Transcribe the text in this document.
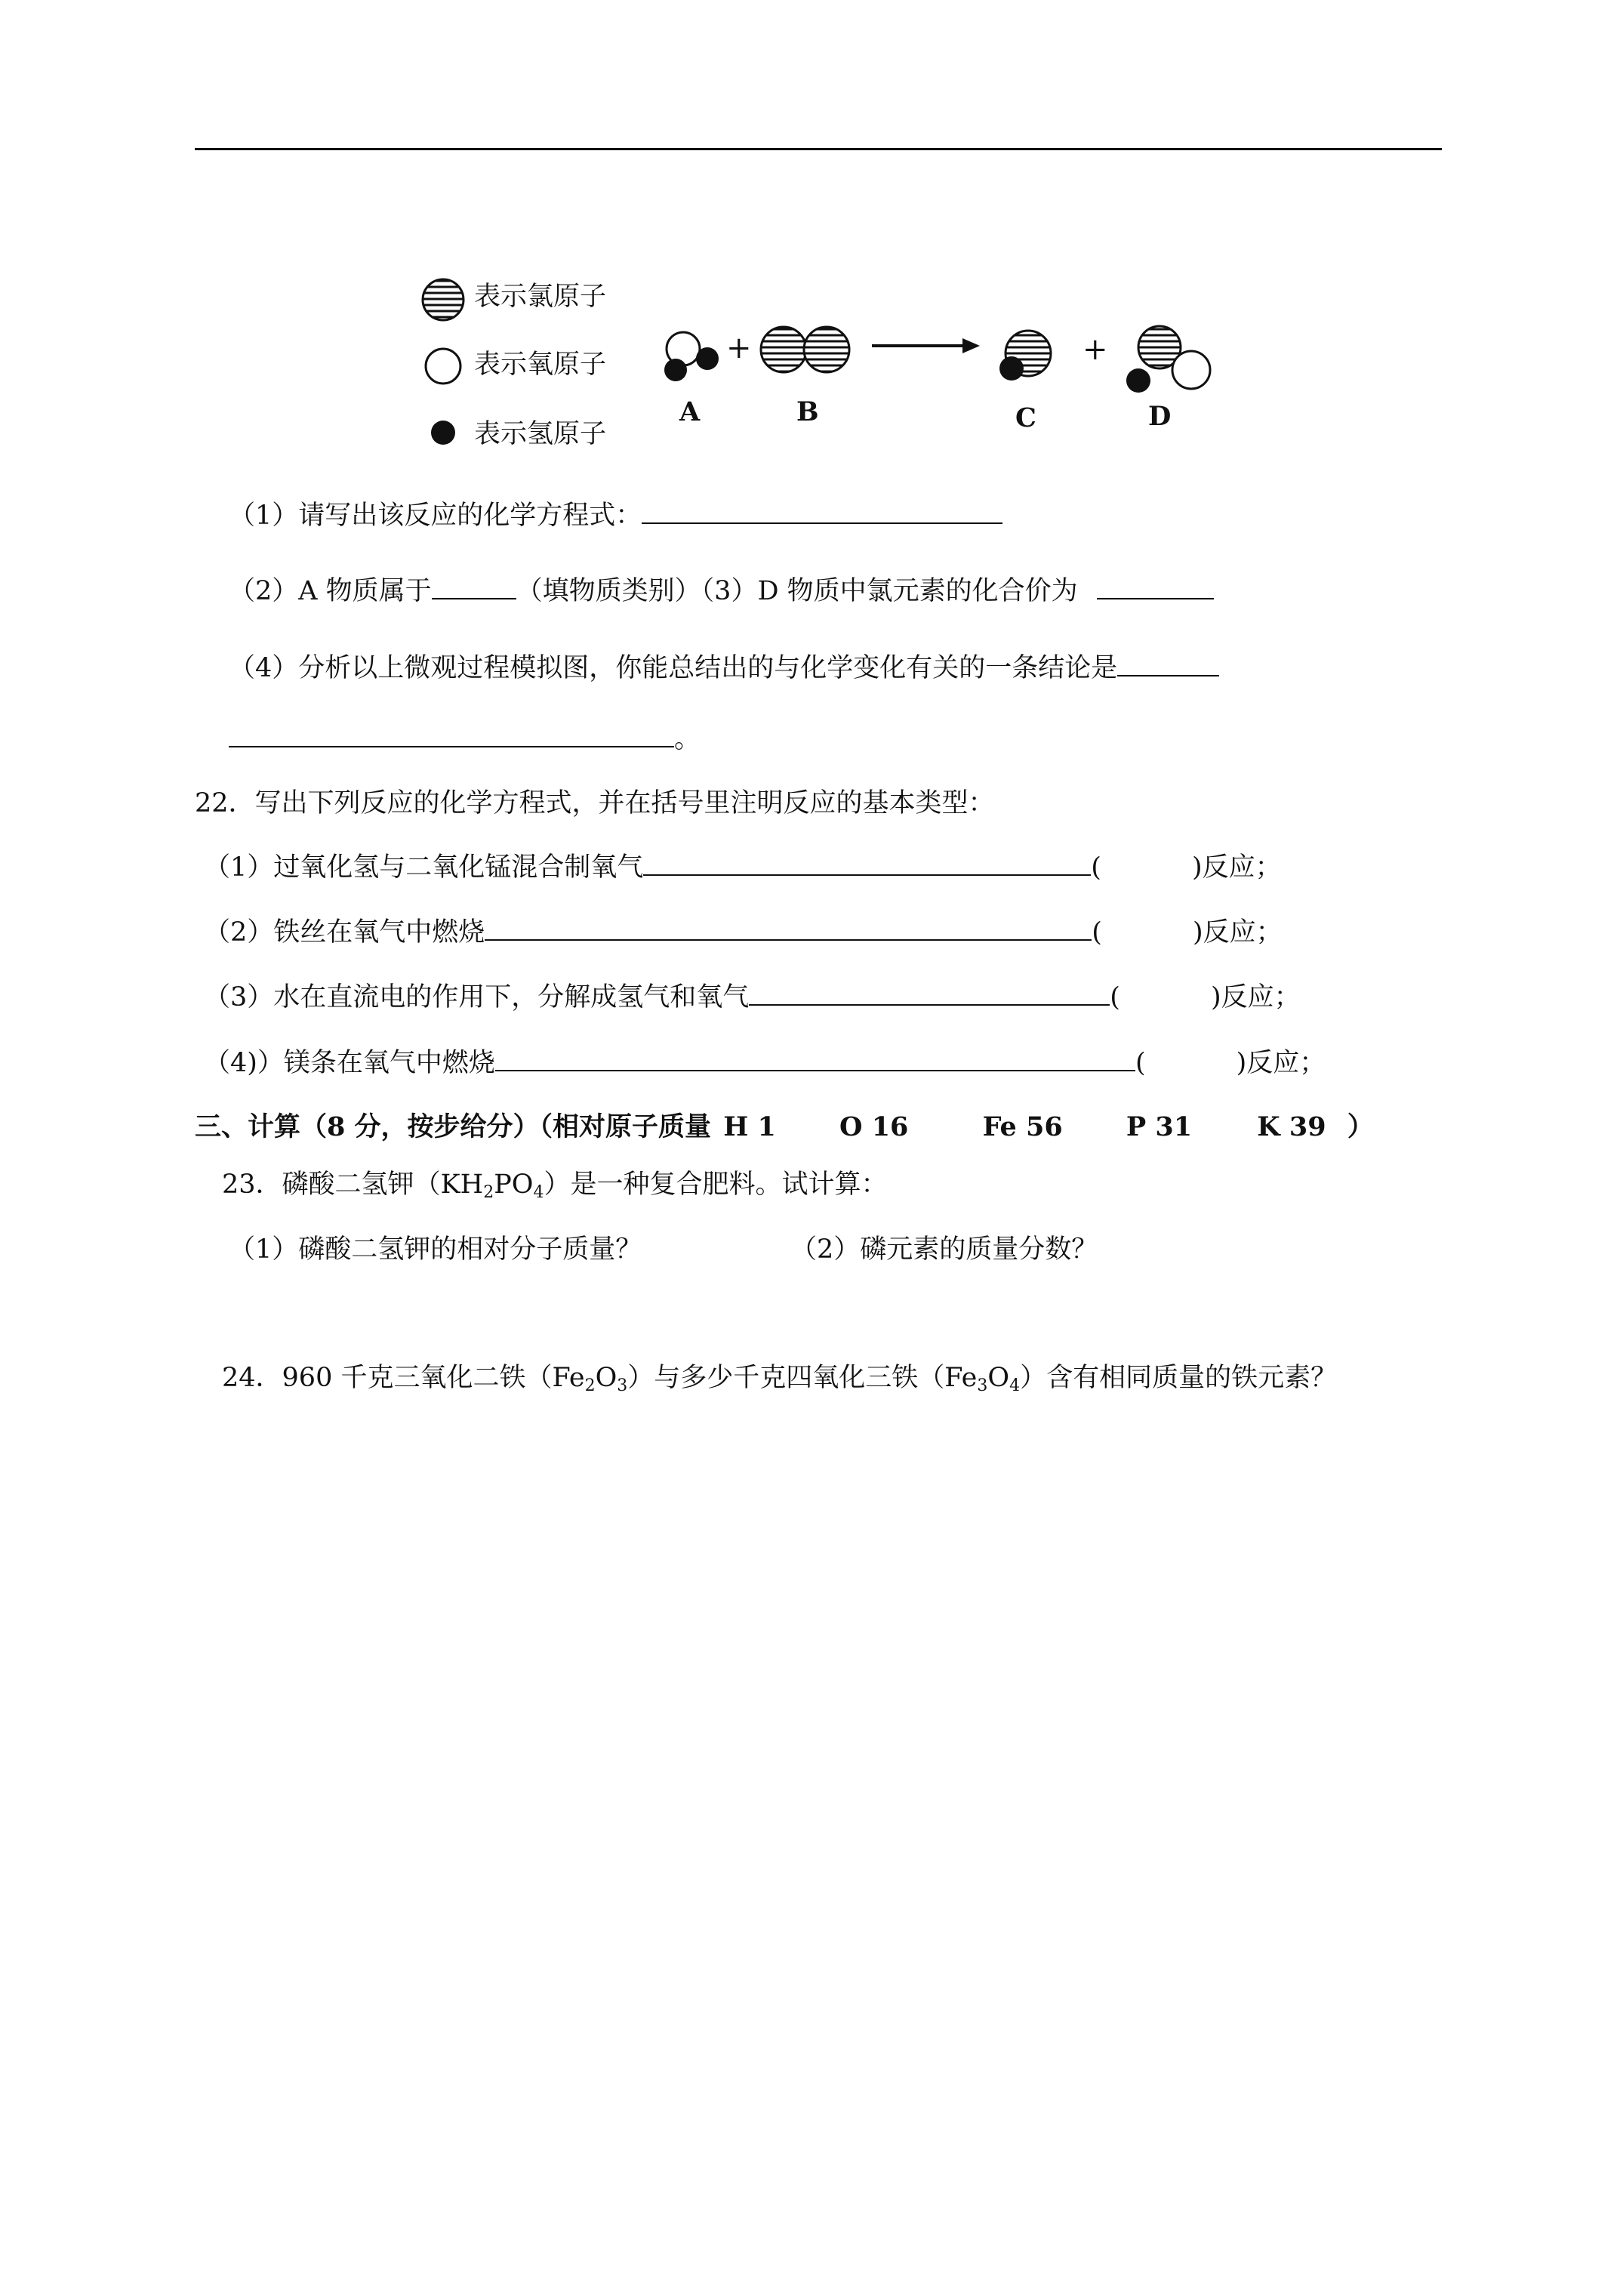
表示氯原子
表示氧原子
表示氢原子
+	+
A	B	C	D
（1）请写出该反应的化学方程式：
（2）A 物质属于	（填物质类别）（3）D 物质中氯元素的化合价为
（4）分析以上微观过程模拟图，你能总结出的与化学变化有关的一条结论是
。
22．写出下列反应的化学方程式，并在括号里注明反应的基本类型：
（1）过氧化氢与二氧化锰混合制氧气	(	)反应；
（2）铁丝在氧气中燃烧	(	)反应；
（3）水在直流电的作用下，分解成氢气和氧气	(	)反应；
（4)）镁条在氧气中燃烧	(	)反应；
三、计算（8 分，按步给分）（相对原子质量 H 1 O 16	Fe 56 P 31 K 39 ）
23．磷酸二氢钾$(KH_2PO_4)$是一种复合肥料。试计算：
（1）磷酸二氢钾的相对分子质量？	（2）磷元素的质量分数？
24．960 千克三氧化二铁$(Fe_2O_3)$与多少千克四氧化三铁$(Fe_3O_4)$含有相同质量的铁元素？
